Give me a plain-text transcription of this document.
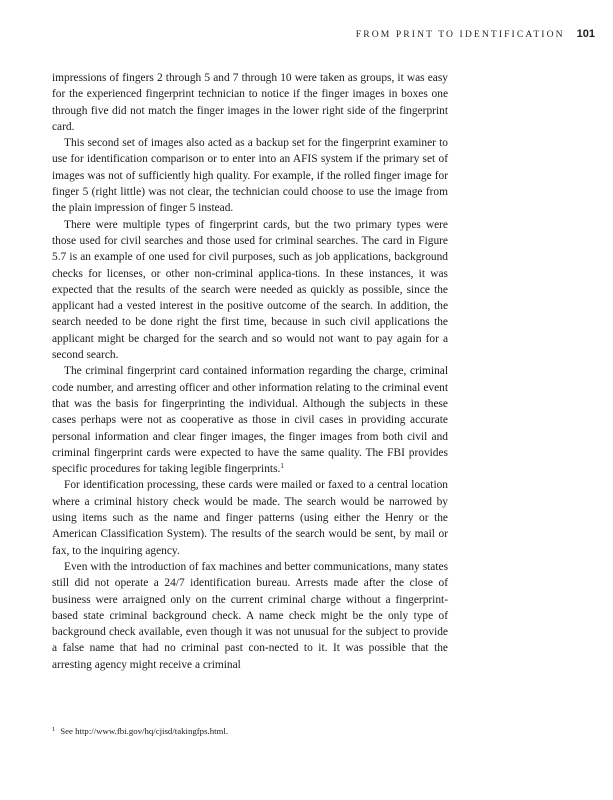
FROM PRINT TO IDENTIFICATION 101

impressions of fingers 2 through 5 and 7 through 10 were taken as groups, it was easy for the experienced fingerprint technician to notice if the finger images in boxes one through five did not match the finger images in the lower right side of the fingerprint card.

This second set of images also acted as a backup set for the fingerprint examiner to use for identification comparison or to enter into an AFIS system if the primary set of images was not of sufficiently high quality. For example, if the rolled finger image for finger 5 (right little) was not clear, the technician could choose to use the image from the plain impression of finger 5 instead.

There were multiple types of fingerprint cards, but the two primary types were those used for civil searches and those used for criminal searches. The card in Figure 5.7 is an example of one used for civil purposes, such as job applications, background checks for licenses, or other non-criminal applica-tions. In these instances, it was expected that the results of the search were needed as quickly as possible, since the applicant had a vested interest in the positive outcome of the search. In addition, the search needed to be done right the first time, because in such civil applications the applicant might be charged for the search and so would not want to pay again for a second search.

The criminal fingerprint card contained information regarding the charge, criminal code number, and arresting officer and other information relating to the criminal event that was the basis for fingerprinting the individual. Although the subjects in these cases perhaps were not as cooperative as those in civil cases in providing accurate personal information and clear finger images, the finger images from both civil and criminal fingerprint cards were expected to have the same quality. The FBI provides specific procedures for taking legible fingerprints.$^1$

For identification processing, these cards were mailed or faxed to a central location where a criminal history check would be made. The search would be narrowed by using items such as the name and finger patterns (using either the Henry or the American Classification System). The results of the search would be sent, by mail or fax, to the inquiring agency.

Even with the introduction of fax machines and better communications, many states still did not operate a 24/7 identification bureau. Arrests made after the close of business were arraigned only on the current criminal charge without a fingerprint-based state criminal background check. A name check might be the only type of background check available, even though it was not unusual for the subject to provide a false name that had no criminal past con-nected to it. It was possible that the arresting agency might receive a criminal

$^1$ See http://www.fbi.gov/hq/cjisd/takingfps.html.
